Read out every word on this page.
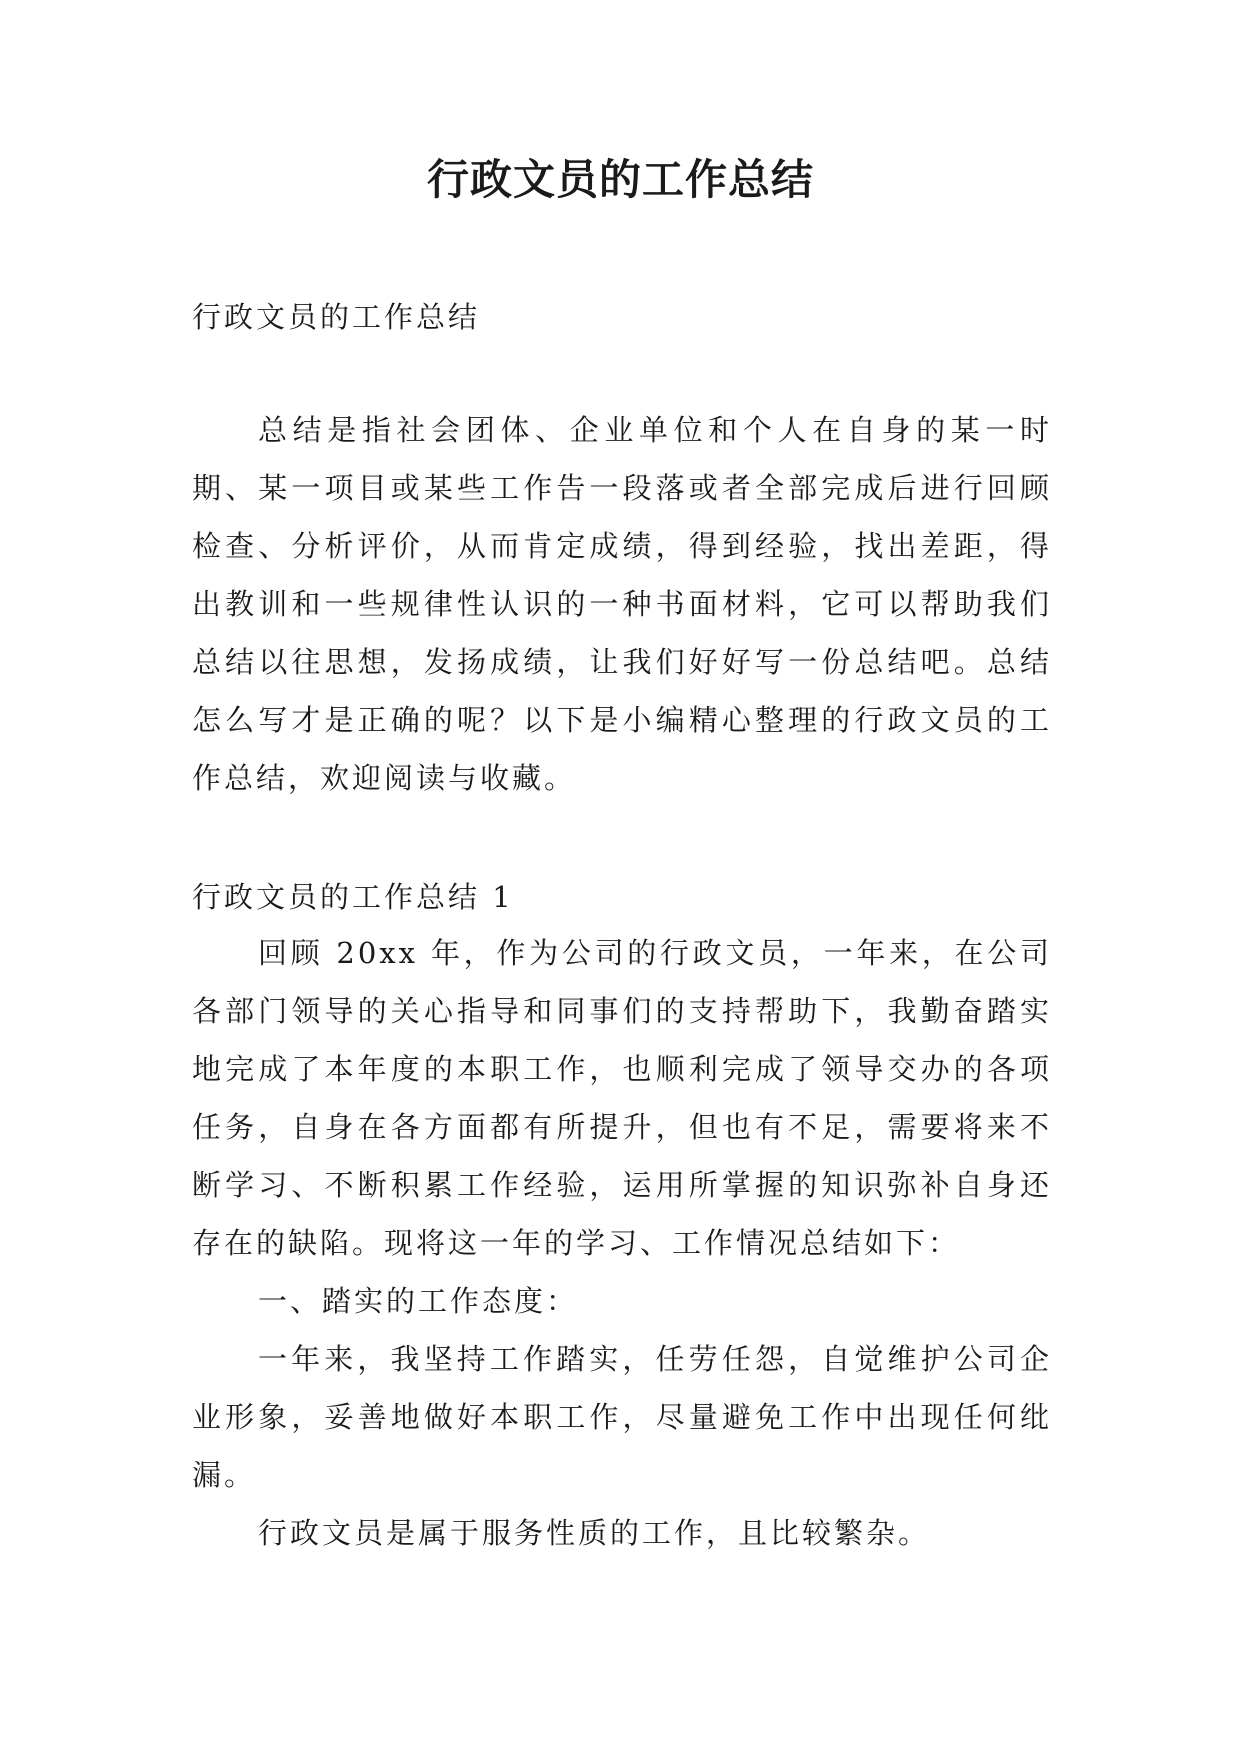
行政文员的工作总结

行政文员的工作总结

总结是指社会团体、企业单位和个人在自身的某一时期、某一项目或某些工作告一段落或者全部完成后进行回顾检查、分析评价，从而肯定成绩，得到经验，找出差距，得出教训和一些规律性认识的一种书面材料，它可以帮助我们总结以往思想，发扬成绩，让我们好好写一份总结吧。总结怎么写才是正确的呢？以下是小编精心整理的行政文员的工作总结，欢迎阅读与收藏。

行政文员的工作总结 1

回顾 20xx 年，作为公司的行政文员，一年来，在公司各部门领导的关心指导和同事们的支持帮助下，我勤奋踏实地完成了本年度的本职工作，也顺利完成了领导交办的各项任务，自身在各方面都有所提升，但也有不足，需要将来不断学习、不断积累工作经验，运用所掌握的知识弥补自身还存在的缺陷。现将这一年的学习、工作情况总结如下：

一、踏实的工作态度：

一年来，我坚持工作踏实，任劳任怨，自觉维护公司企业形象，妥善地做好本职工作，尽量避免工作中出现任何纰漏。

行政文员是属于服务性质的工作，且比较繁杂。
